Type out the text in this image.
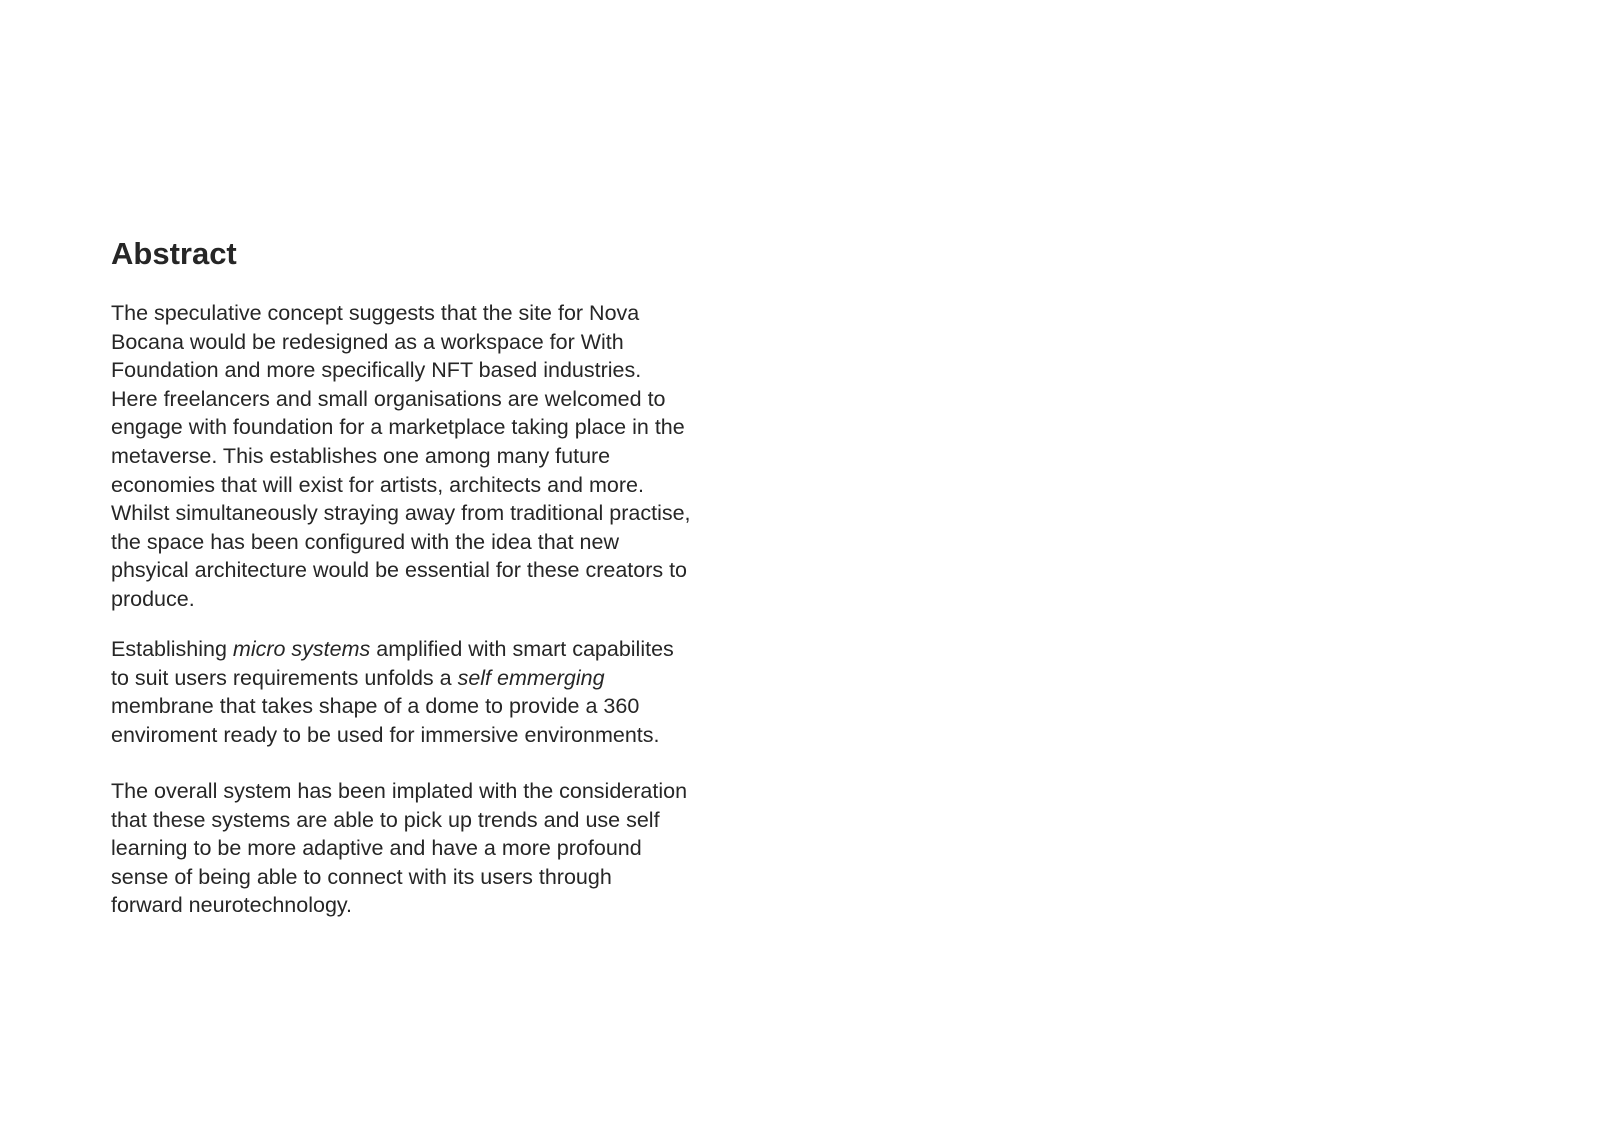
Abstract
The speculative concept suggests that the site for Nova
Bocana would be redesigned as a workspace for With
Foundation and more specifically NFT based industries.
Here freelancers and small organisations are welcomed to
engage with foundation for a marketplace taking place in the
metaverse. This establishes one among many future
economies that will exist for artists, architects and more.
Whilst simultaneously straying away from traditional practise,
the space has been configured with the idea that new
phsyical architecture would be essential for these creators to
produce.
Establishing micro systems amplified with smart capabilites
to suit users requirements unfolds a self emmerging
membrane that takes shape of a dome to provide a 360
enviroment ready to be used for immersive environments.
The overall system has been implated with the consideration
that these systems are able to pick up trends and use self
learning to be more adaptive and have a more profound
sense of being able to connect with its users through
forward neurotechnology.
